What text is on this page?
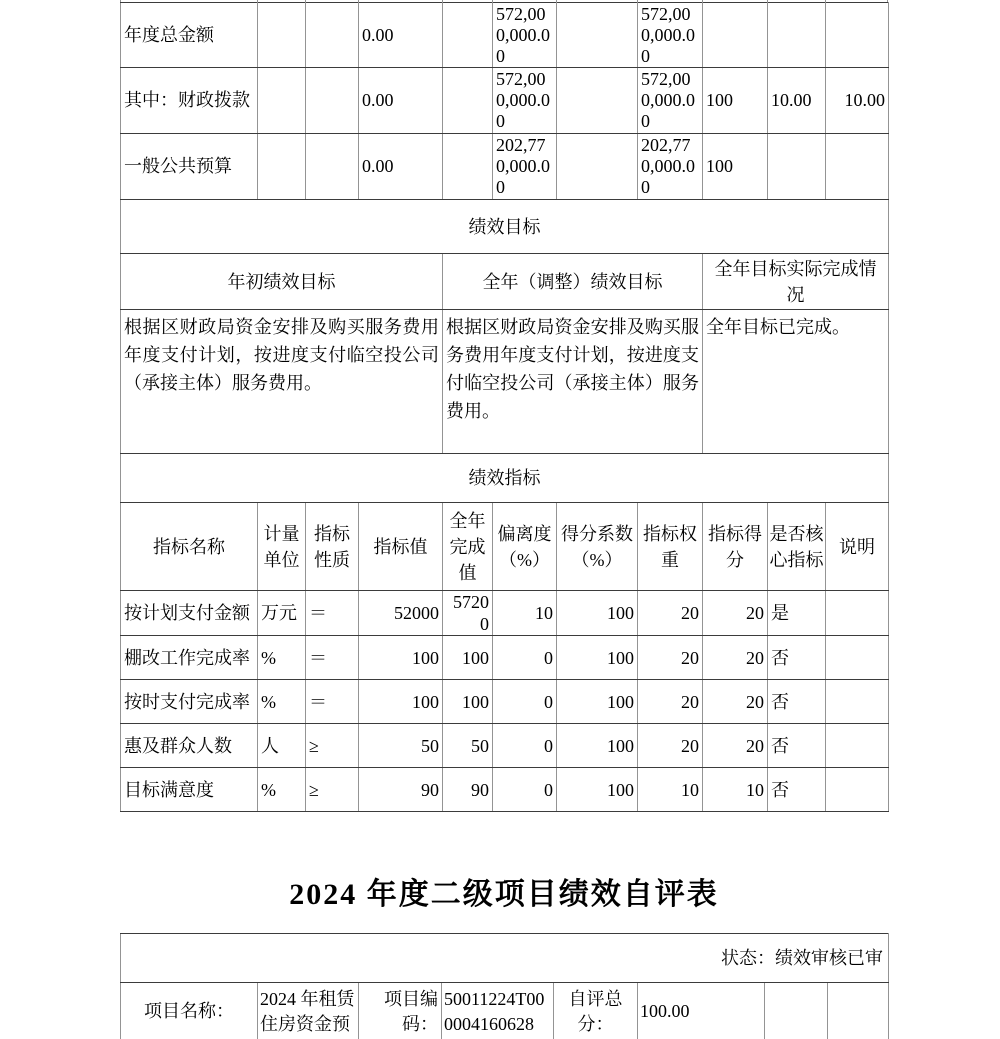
年度总金额			0.00		572,000,000.00		572,000,000.00			
其中：财政拨款			0.00		572,000,000.00		572,000,000.00	100	10.00	10.00
一般公共预算			0.00		202,770,000.00		202,770,000.00	100		
绩效目标										
年初绩效目标				全年（调整）绩效目标				全年目标实际完成情况		
根据区财政局资金安排及购买服务费用年度支付计划，按进度支付临空投公司（承接主体）服务费用。				根据区财政局资金安排及购买服务费用年度支付计划，按进度支付临空投公司（承接主体）服务费用。				全年目标已完成。		
绩效指标										
指标名称	计量单位	指标性质	指标值	全年完成值	偏离度（%）	得分系数（%）	指标权重	指标得分	是否核心指标	说明
按计划支付金额	万元	＝	52000	57200	10	100	20	20	是	
棚改工作完成率	%	＝	100	100	0	100	20	20	否	
按时支付完成率	%	＝	100	100	0	100	20	20	否	
惠及群众人数	人	≥	50	50	0	100	20	20	否	
目标满意度	%	≥	90	90	0	100	10	10	否	
2024 年度二级项目绩效自评表
状态：绩效审核已审
项目名称：	2024 年租赁住房资金预	项目编码：	50011224T000004160628	自评总分：	100.00		
